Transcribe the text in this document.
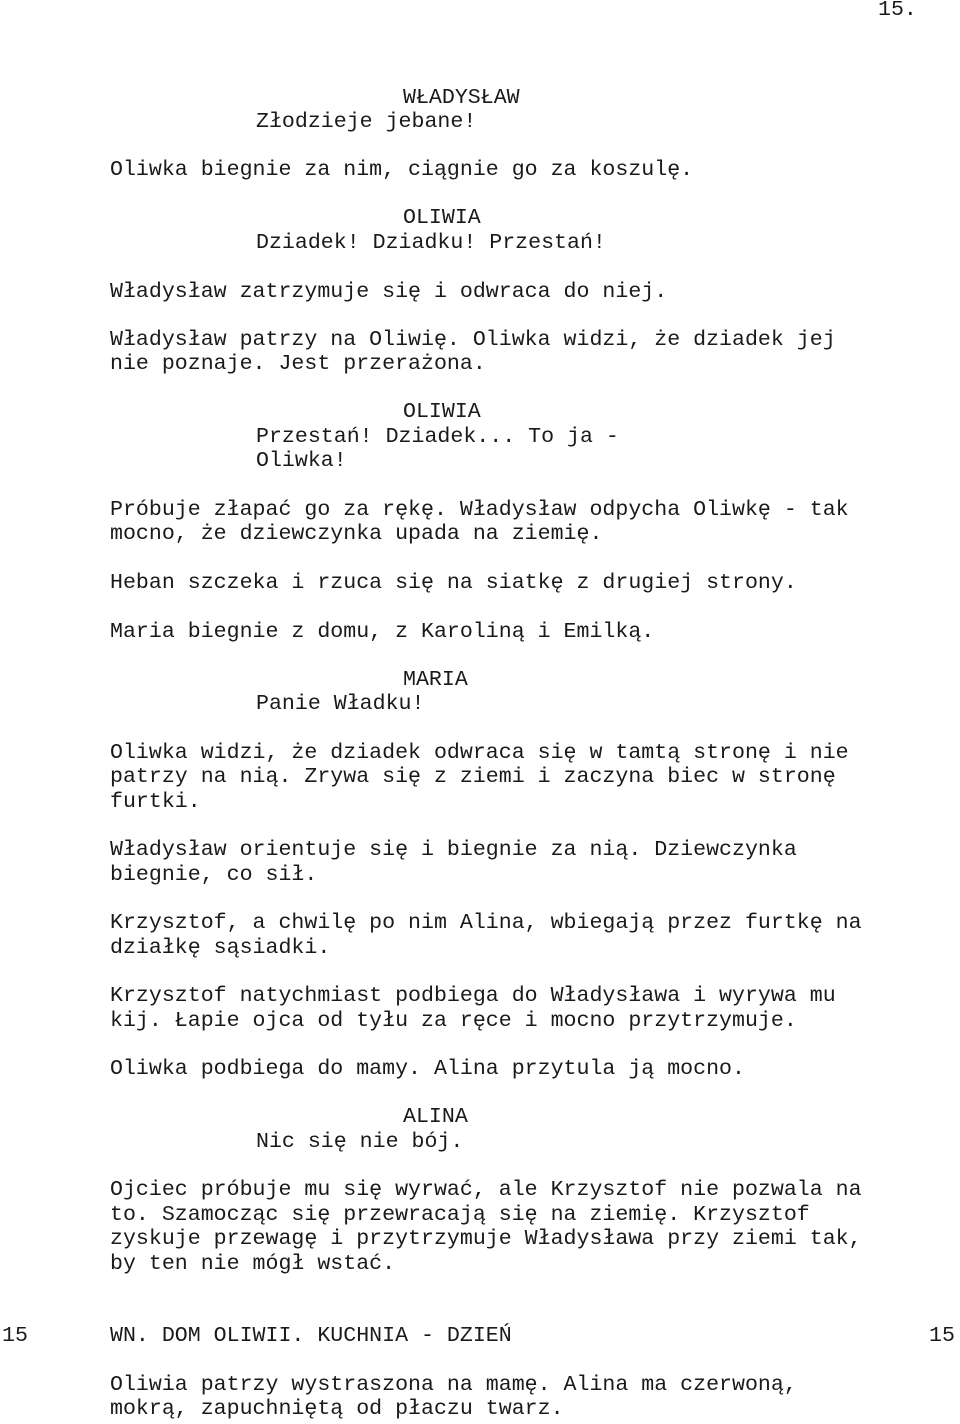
15.
WŁADYSŁAW
Złodzieje jebane!
Oliwka biegnie za nim, ciągnie go za koszulę.
OLIWIA
Dziadek! Dziadku! Przestań!
Władysław zatrzymuje się i odwraca do niej.
Władysław patrzy na Oliwię. Oliwka widzi, że dziadek jej
nie poznaje. Jest przerażona.
OLIWIA
Przestań! Dziadek... To ja -
Oliwka!
Próbuje złapać go za rękę. Władysław odpycha Oliwkę - tak
mocno, że dziewczynka upada na ziemię.
Heban szczeka i rzuca się na siatkę z drugiej strony.
Maria biegnie z domu, z Karoliną i Emilką.
MARIA
Panie Władku!
Oliwka widzi, że dziadek odwraca się w tamtą stronę i nie
patrzy na nią. Zrywa się z ziemi i zaczyna biec w stronę
furtki.
Władysław orientuje się i biegnie za nią. Dziewczynka
biegnie, co sił.
Krzysztof, a chwilę po nim Alina, wbiegają przez furtkę na
działkę sąsiadki.
Krzysztof natychmiast podbiega do Władysława i wyrywa mu
kij. Łapie ojca od tyłu za ręce i mocno przytrzymuje.
Oliwka podbiega do mamy. Alina przytula ją mocno.
ALINA
Nic się nie bój.
Ojciec próbuje mu się wyrwać, ale Krzysztof nie pozwala na
to. Szamocząc się przewracają się na ziemię. Krzysztof
zyskuje przewagę i przytrzymuje Władysława przy ziemi tak,
by ten nie mógł wstać.
15	WN. DOM OLIWII. KUCHNIA - DZIEŃ	15
Oliwia patrzy wystraszona na mamę. Alina ma czerwoną,
mokrą, zapuchniętą od płaczu twarz.
